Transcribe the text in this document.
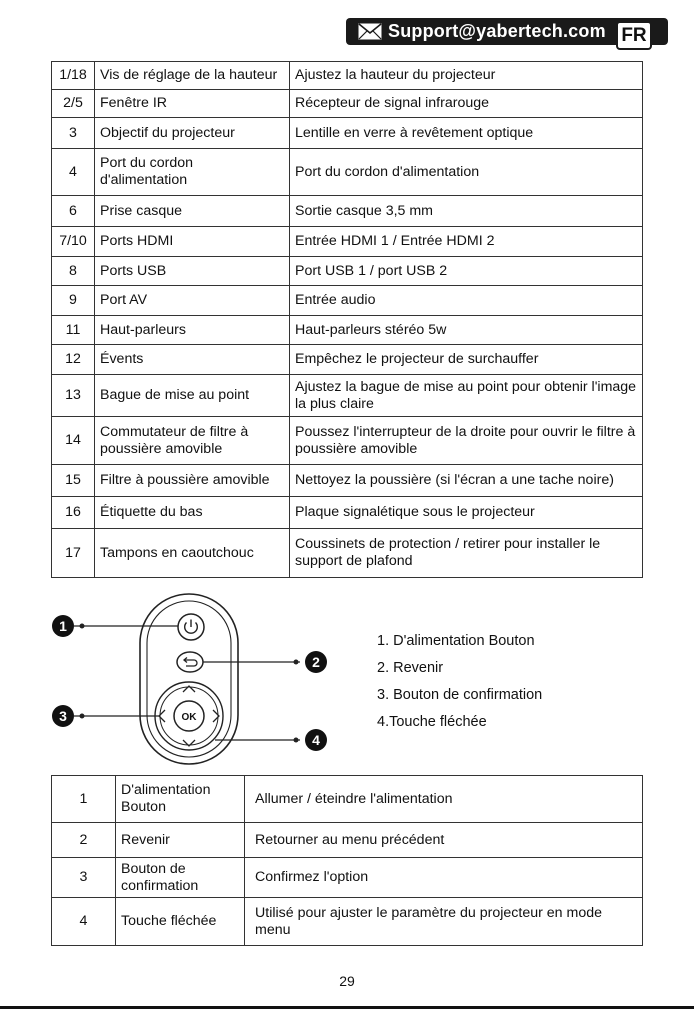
Support@yabertech.com FR
1/18	Vis de réglage de la hauteur	Ajustez la hauteur du projecteur
2/5	Fenêtre IR	Récepteur de signal infrarouge
3	Objectif du projecteur	Lentille en verre à revêtement optique
4	Port du cordon d'alimentation	Port du cordon d'alimentation
6	Prise casque	Sortie casque 3,5 mm
7/10	Ports HDMI	Entrée HDMI 1 / Entrée HDMI 2
8	Ports USB	Port USB 1 / port USB 2
9	Port AV	Entrée audio
11	Haut-parleurs	Haut-parleurs stéréo 5w
12	Évents	Empêchez le projecteur de surchauffer
13	Bague de mise au point	Ajustez la bague de mise au point pour obtenir l'image la plus claire
14	Commutateur de filtre à poussière amovible	Poussez l'interrupteur de la droite pour ouvrir le filtre à poussière amovible
15	Filtre à poussière amovible	Nettoyez la poussière (si l'écran a une tache noire)
16	Étiquette du bas	Plaque signalétique sous le projecteur
17	Tampons en caoutchouc	Coussinets de protection / retirer pour installer le support de plafond
OK
1
2
3
4
1. D'alimentation Bouton
2. Revenir
3. Bouton de confirmation
4.Touche fléchée
1	D'alimentation Bouton	Allumer / éteindre l'alimentation
2	Revenir	Retourner au menu précédent
3	Bouton de confirmation	Confirmez l'option
4	Touche fléchée	Utilisé pour ajuster le paramètre du projecteur en mode menu
29
